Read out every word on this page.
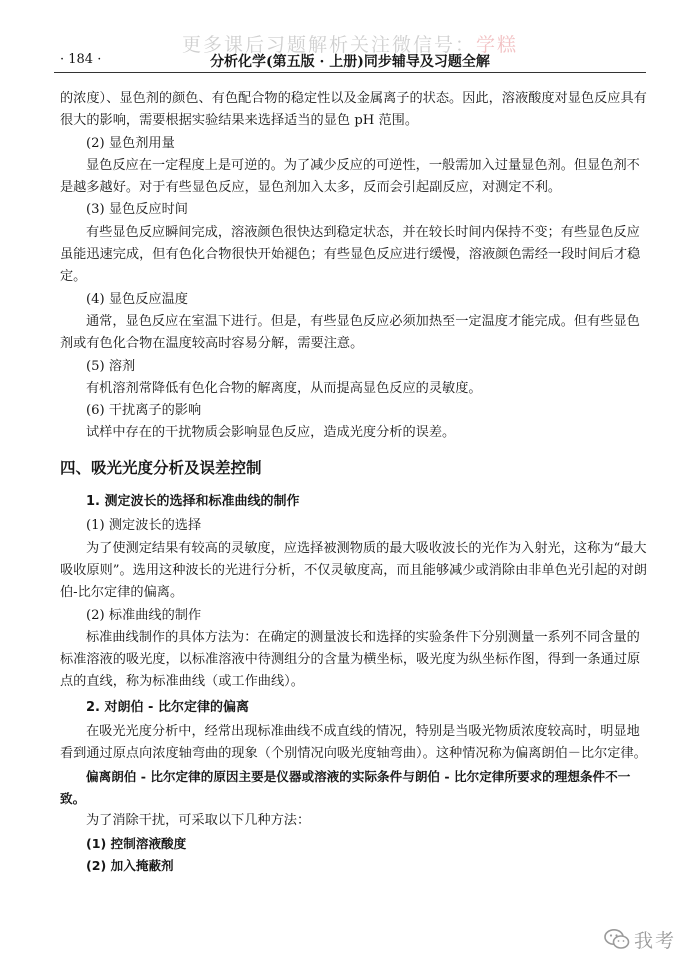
更多课后习题解析关注微信号：学糕
· 184 ·	分析化学(第五版 · 上册)同步辅导及习题全解

的浓度）、显色剂的颜色、有色配合物的稳定性以及金属离子的状态。因此，溶液酸度对显色反应具有很大的影响，需要根据实验结果来选择适当的显色 pH 范围。

(2) 显色剂用量

显色反应在一定程度上是可逆的。为了减少反应的可逆性，一般需加入过量显色剂。但显色剂不是越多越好。对于有些显色反应，显色剂加入太多，反而会引起副反应，对测定不利。

(3) 显色反应时间

有些显色反应瞬间完成，溶液颜色很快达到稳定状态，并在较长时间内保持不变；有些显色反应虽能迅速完成，但有色化合物很快开始褪色；有些显色反应进行缓慢，溶液颜色需经一段时间后才稳定。

(4) 显色反应温度

通常，显色反应在室温下进行。但是，有些显色反应必须加热至一定温度才能完成。但有些显色剂或有色化合物在温度较高时容易分解，需要注意。

(5) 溶剂

有机溶剂常降低有色化合物的解离度，从而提高显色反应的灵敏度。

(6) 干扰离子的影响

试样中存在的干扰物质会影响显色反应，造成光度分析的误差。

四、吸光光度分析及误差控制

1. 测定波长的选择和标准曲线的制作

(1) 测定波长的选择

为了使测定结果有较高的灵敏度，应选择被测物质的最大吸收波长的光作为入射光，这称为“最大吸收原则”。选用这种波长的光进行分析，不仅灵敏度高，而且能够减少或消除由非单色光引起的对朗伯-比尔定律的偏离。

(2) 标准曲线的制作

标准曲线制作的具体方法为：在确定的测量波长和选择的实验条件下分别测量一系列不同含量的标准溶液的吸光度，以标准溶液中待测组分的含量为横坐标，吸光度为纵坐标作图，得到一条通过原点的直线，称为标准曲线（或工作曲线）。

2. 对朗伯 - 比尔定律的偏离

在吸光光度分析中，经常出现标准曲线不成直线的情况，特别是当吸光物质浓度较高时，明显地看到通过原点向浓度轴弯曲的现象（个别情况向吸光度轴弯曲）。这种情况称为偏离朗伯－比尔定律。

偏离朗伯 - 比尔定律的原因主要是仪器或溶液的实际条件与朗伯 - 比尔定律所要求的理想条件不一致。

为了消除干扰，可采取以下几种方法：

(1) 控制溶液酸度

(2) 加入掩蔽剂

我考
